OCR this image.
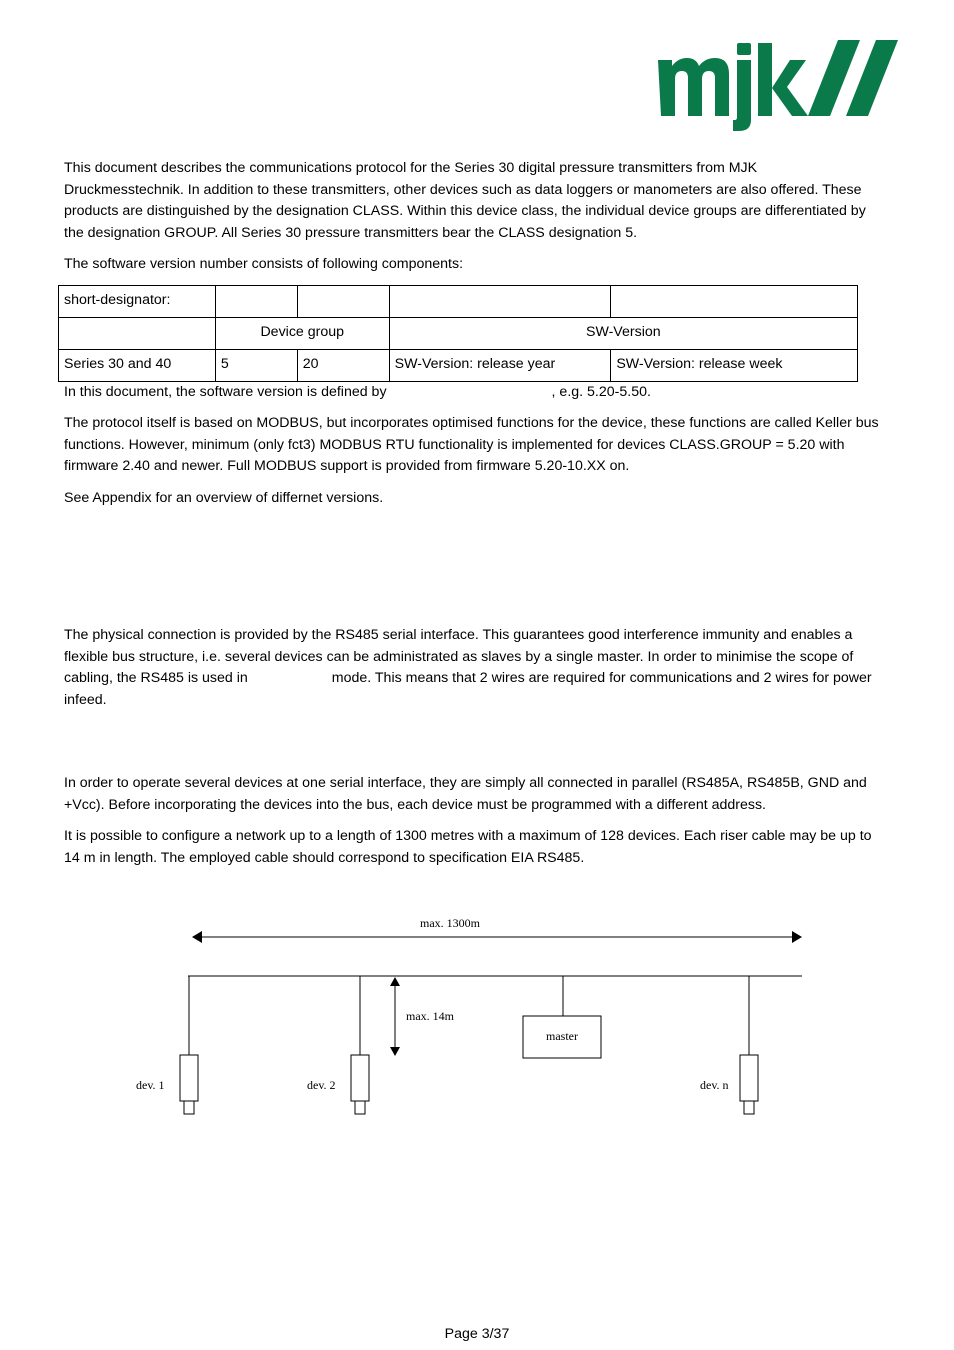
This document describes the communications protocol for the Series 30 digital pressure transmitters from MJK Druckmesstechnik. In addition to these transmitters, other devices such as data loggers or manometers are also offered. These products are distinguished by the designation CLASS. Within this device class, the individual device groups are differentiated by the designation GROUP. All Series 30 pressure transmitters bear the CLASS designation 5.

The software version number consists of following components:

short-designator:				
	Device group		SW-Version	
Series 30 and 40	5	20	SW-Version: release year	SW-Version: release week

In this document, the software version is defined by	, e.g. 5.20-5.50.

The protocol itself is based on MODBUS, but incorporates optimised functions for the device, these functions are called Keller bus functions. However, minimum (only fct3) MODBUS RTU functionality is implemented for devices CLASS.GROUP = 5.20 with firmware 2.40 and newer. Full MODBUS support is provided from firmware 5.20-10.XX on.

See Appendix for an overview of differnet versions.

The physical connection is provided by the RS485 serial interface. This guarantees good interference immunity and enables a flexible bus structure, i.e. several devices can be administrated as slaves by a single master. In order to minimise the scope of cabling, the RS485 is used in	mode. This means that 2 wires are required for communications and 2 wires for power infeed.

In order to operate several devices at one serial interface, they are simply all connected in parallel (RS485A, RS485B, GND and +Vcc). Before incorporating the devices into the bus, each device must be programmed with a different address.

It is possible to configure a network up to a length of 1300 metres with a maximum of 128 devices. Each riser cable may be up to 14 m in length. The employed cable should correspond to specification EIA RS485.

max. 1300m
max. 14m
master
dev. 1	dev. 2	dev. n
Page 3/37
